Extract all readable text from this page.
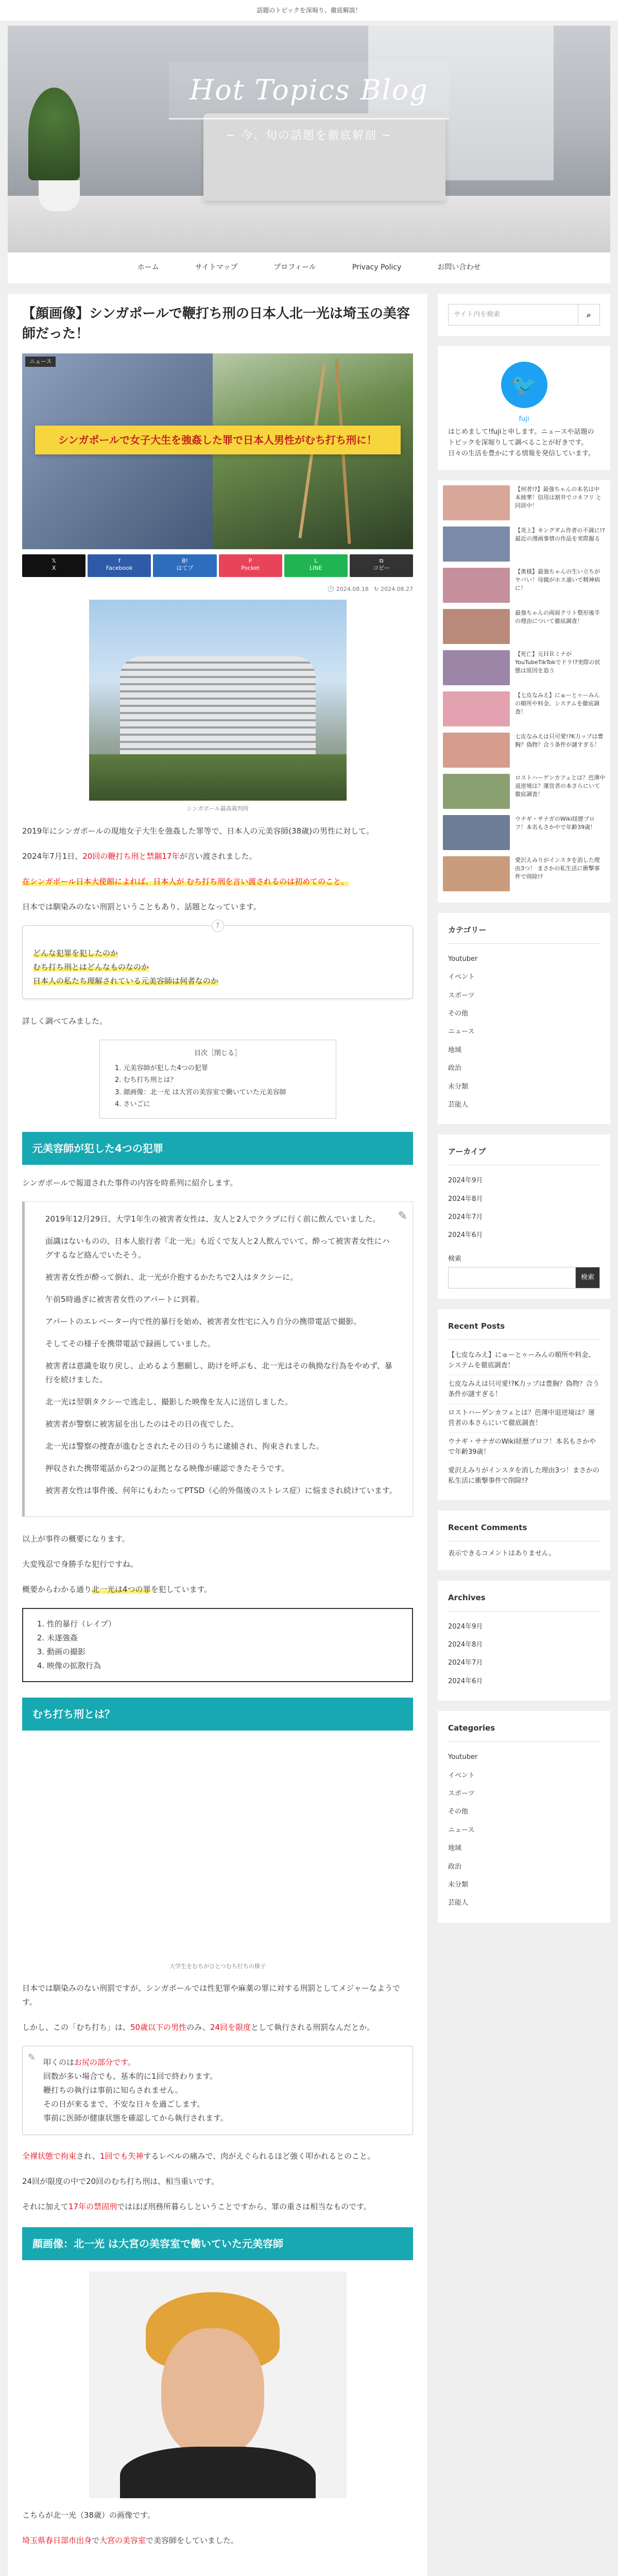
話題のトピックを深堀り、徹底解説！
Hot Topics Blog
~ 今、旬の話題を徹底解剖 ~
ホーム	サイトマップ	プロフィール	Privacy Policy	お問い合わせ
【顔画像】シンガポールで鞭打ち刑の日本人北一光は埼玉の美容師だった！
ニュース
シンガポールで女子大生を強姦した罪で日本人男性がむち打ち刑に！
𝕏
X
f
Facebook
B!
はてブ
P
Pocket
L
LINE
⧉
コピー
🕐 2024.08.18 ↻ 2024.08.27
シンガポール最高裁判所

2019年にシンガポールの現地女子大生を強姦した罪等で、日本人の元美容師(38歳)の男性に対して。

2024年7月1日、20回の鞭打ち刑と禁錮17年が言い渡されました。

在シンガポール日本大使館によれば、日本人が むち打ち刑を言い渡されるのは初めてのこと。

日本では馴染みのない刑罰ということもあり、話題となっています。

?

どんな犯罪を犯したのか

むち打ち刑とはどんなものなのか

日本人の私たち理解されている元美容師は何者なのか

詳しく調べてみました。

目次［閉じる］
1. 元美容師が犯した4つの犯罪
2. むち打ち刑とは？
3. 顔画像：北一光 は大宮の美容室で働いていた元美容師
4. さいごに
元美容師が犯した4つの犯罪

シンガポールで報道された事件の内容を時系列に紹介します。

✎

2019年12月29日、大学1年生の被害者女性は、友人と2人でクラブに行く前に飲んでいました。

面識はないものの、日本人旅行者『北一光』も近くで友人と2人飲んでいて、酔って被害者女性にハグするなど絡んでいたそう。

被害者女性が酔って倒れ、北一光が介抱するかたちで2人はタクシーに。

午前5時過ぎに被害者女性のアパートに到着。

アパートのエレベーター内で性的暴行を始め、被害者女性宅に入り自分の携帯電話で撮影。

そしてその様子を携帯電話で録画していました。

被害者は意識を取り戻し、止めるよう懇願し、助けを呼ぶも、北一光はその執拗な行為をやめず、暴行を続けました。

北一光は翌朝タクシーで逃走し、撮影した映像を友人に送信しました。

被害者が警察に被害届を出したのはその日の夜でした。

北一光は警察の捜査が進むとされたその日のうちに逮捕され、拘束されました。

押収された携帯電話から2つの証拠となる映像が確認できたそうです。

被害者女性は事件後、何年にもわたってPTSD（心的外傷後のストレス症）に悩まされ続けています。

以上が事件の概要になります。

大変残忍で身勝手な犯行ですね。

概要からわかる通り北一光は4つの罪を犯しています。

1. 性的暴行（レイプ）
2. 未遂強姦
3. 動画の撮影
4. 映像の拡散行為
むち打ち刑とは？
大学生をむちがひとつむち打ちの様子

日本では馴染みのない刑罰ですが、シンガポールでは性犯罪や麻薬の罪に対する刑罰としてメジャーなようです。

しかし、この「むち打ち」は、50歳以下の男性のみ、24回を限度として執行される刑罰なんだとか。

✎ 叩くのはお尻の部分です。
回数が多い場合でも、基本的に1回で終わります。
鞭打ちの執行は事前に知らされません。
その日が来るまで、不安な日々を過ごします。
事前に医師が健康状態を確認してから執行されます。

全裸状態で拘束され、1回でも失神するレベルの痛みで、肉がえぐられるほど強く叩かれるとのこと。

24回が限度の中で20回のむち打ち刑は、相当重いです。

それに加えて17年の禁固刑ではほぼ刑務所暮らしということですから、罪の重さは相当なものです。

顔画像：北一光 は大宮の美容室で働いていた元美容師

こちらが北一光（38歳）の画像です。

埼玉県春日部市出身で大宮の美容室で美容師をしていました。

サイト内を検索	⌕
🐦
fuji
はじめまして!fujiと申します。ニュースや話題のトピックを深堀りして調べることが好きです。日々の生活を豊かにする情報を発信しています。
【何者!?】最強ちゃんの本名は中本綾華！信用は割井でコネフリ と同居中！
【炎上】キングダム作者の不満に!?最近の漫画事情の作品を実際掘る
【奥様】最強ちゃんの生い立ちがヤバい！母親がホス通いで精神病に！
最強ちゃんの両肩クリト整形後半の理由について徹底調査！
【死亡】元ＨＲミナがYouTubeTikTokでドラ!?実際の状態は原因を追う
【七皮なみえ】にゅーとゥーみんの順所や料金、システムを徹底調査！
七皮なみえは只可愛!?K力ップは豊胸？偽物？合う条件が謎すぎる！
ロストハーゲンカフェとは？芭薄中退逆境は？運営者の本さらにいて徹底調査！
ウナギ・サナガのWiki経歴プロフ！本名もさかやで年齢39歳！
愛沢えみりがインスタを消した理由3つ！ まさかの私生活に衝撃事件で削除!?
カテゴリー
Youtuber
イベント
スポーツ
その他
ニュース
地域
政治
未分類
芸能人
アーカイブ
2024年9月
2024年8月
2024年7月
2024年6月
検索
検索
Recent Posts
【七皮なみえ】にゅーとゥーみんの順所や料金、システムを徹底調査！
七皮なみえは只可愛!?K力ップは豊胸？偽物？合う条件が謎すぎる！
ロストハーゲンカフェとは？芭薄中退逆境は？運営者の本さらにいて徹底調査！
ウナギ・サナガのWiki経歴プロフ！本名もさかやで年齢39歳！
愛沢えみりがインスタを消した理由3つ！まさかの私生活に衝撃事件で削除!?
Recent Comments
表示できるコメントはありません。
Archives
2024年9月
2024年8月
2024年7月
2024年6月
Categories
Youtuber
イベント
スポーツ
その他
ニュース
地域
政治
未分類
芸能人
